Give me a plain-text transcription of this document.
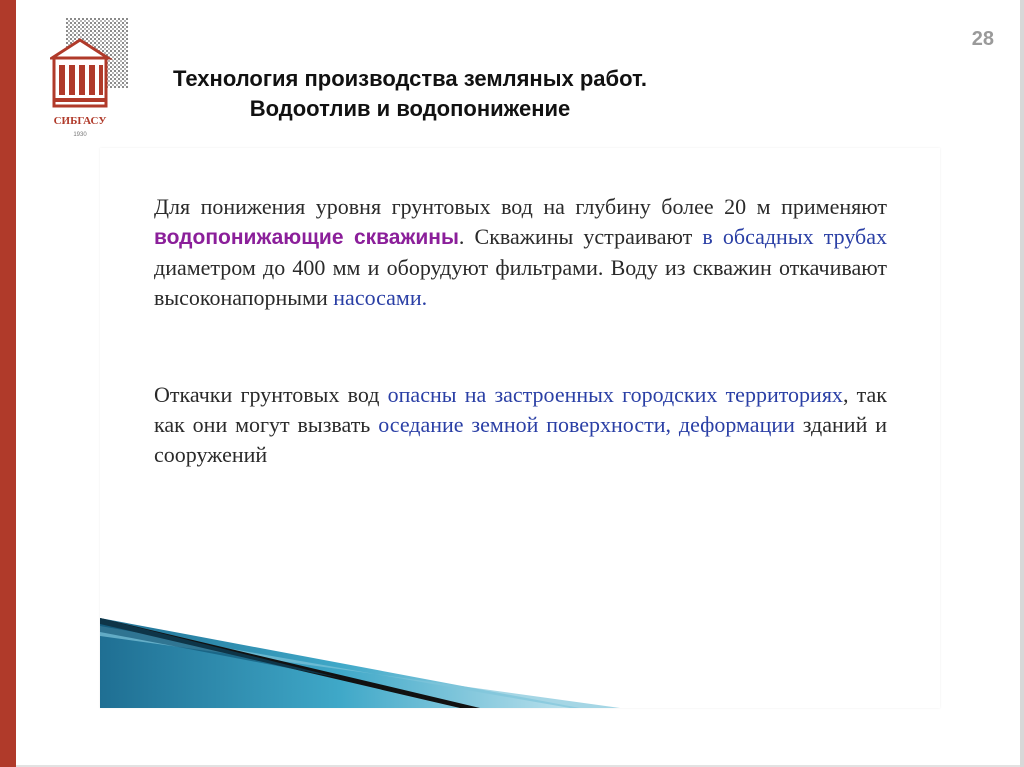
СИБГАСУ
1930
28
Технология производства земляных работ.
Водоотлив и водопонижение
Для понижения уровня грунтовых вод на глубину более 20 м применяют водопонижающие скважины. Скважины устраивают в обсадных трубах диаметром до 400 мм и оборудуют фильтрами. Воду из скважин откачивают высоконапорными насосами.
Откачки грунтовых вод опасны на застроенных городских территориях, так как они могут вызвать оседание земной поверхности, деформации зданий и сооружений
